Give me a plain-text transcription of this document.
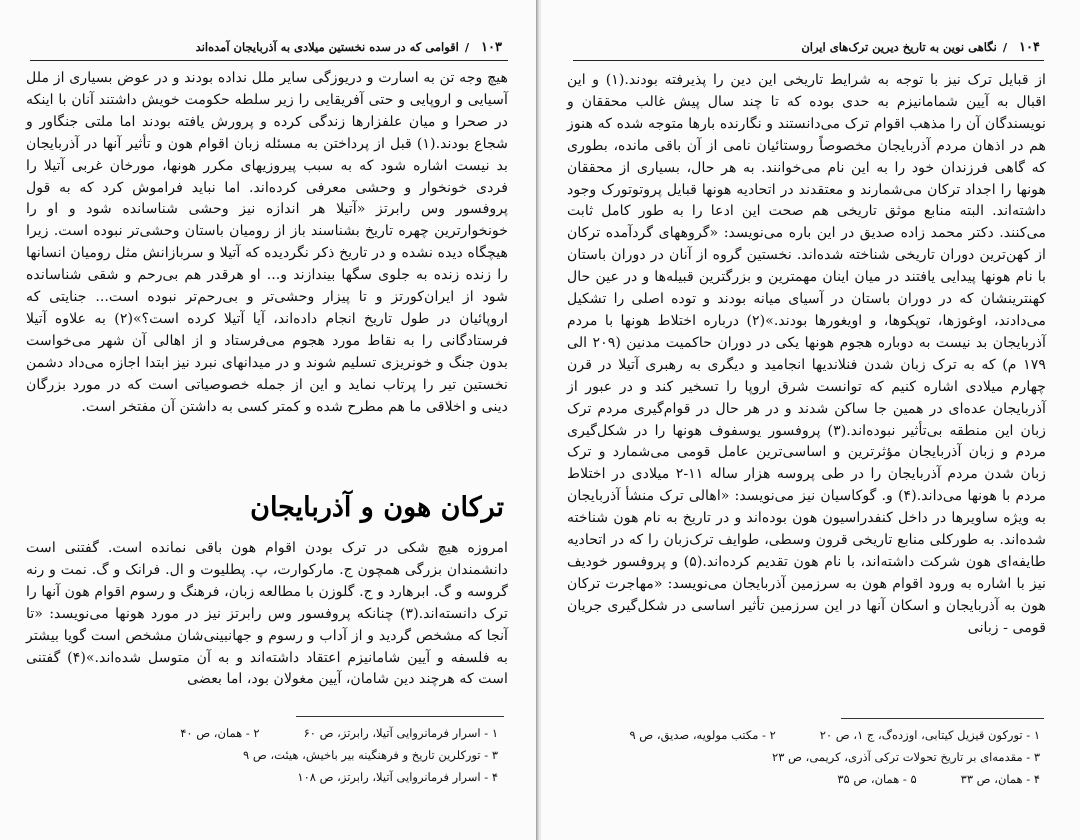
۱۰۳
/
اقوامی که در سده نخستین میلادی به آذربایجان آمده‌اند

هیچ وجه تن به اسارت و دریوزگی سایر ملل نداده بودند و در عوض بسیاری از ملل آسیایی و اروپایی و حتی آفریقایی را زیر سلطه حکومت خویش داشتند آنان با اینکه در صحرا و میان علفزارها زندگی کرده و پرورش یافته بودند اما ملتی جنگاور و شجاع بودند.(۱) قبل از پرداختن به مسئله زبان اقوام هون و تأثیر آنها در آذربایجان بد نیست اشاره شود که به سبب پیروزیهای مکرر هونها، مورخان غربی آتیلا را فردی خونخوار و وحشی معرفی کرده‌اند. اما نباید فراموش کرد که به قول پروفسور وس رابرتز «آتیلا هر اندازه نیز وحشی شناسانده شود و او را خونخوارترین چهره تاریخ بشناسند باز از رومیان باستان وحشی‌تر نبوده است. زیرا هیچگاه دیده نشده و در تاریخ ذکر نگردیده که آتیلا و سربازانش مثل رومیان انسانها را زنده زنده به جلوی سگها بیندازند و... او هرقدر هم بی‌رحم و شقی شناسانده شود از ایران‌کورتز و تا پیزار وحشی‌تر و بی‌رحم‌تر نبوده است... جنایتی که اروپائیان در طول تاریخ انجام داده‌اند، آیا آتیلا کرده است؟»(۲) به علاوه آتیلا فرستادگانی را به نقاط مورد هجوم می‌فرستاد و از اهالی آن شهر می‌خواست بدون جنگ و خونریزی تسلیم شوند و در میدانهای نبرد نیز ابتدا اجازه می‌داد دشمن نخستین تیر را پرتاب نماید و این از جمله خصوصیاتی است که در مورد بزرگان دینی و اخلاقی ما هم مطرح شده و کمتر کسی به داشتن آن مفتخر است.

ترکان هون و آذربایجان

امروزه هیچ شکی در ترک بودن اقوام هون باقی نمانده است. گفتنی است دانشمندان بزرگی همچون ج. مارکوارت، پ. پطلیوت و ال. فرانک و گ. نمت و رنه گروسه و گ. ابرهارد و ج. گلوزن با مطالعه زبان، فرهنگ و رسوم اقوام هون آنها را ترک دانسته‌اند.(۳) چنانکه پروفسور وس رابرتز نیز در مورد هونها می‌نویسد: «تا آنجا که مشخص گردید و از آداب و رسوم و جهانبینی‌شان مشخص است گویا بیشتر به فلسفه و آیین شامانیزم اعتقاد داشته‌اند و به آن متوسل شده‌اند.»(۴) گفتنی است که هرچند دین شامان، آیین مغولان بود، اما بعضی

۱ - اسرار فرمانروایی آتیلا، رابرتز، ص ۶۰
۲ - همان، ص ۴۰
۳ - تورکلرین تاریخ و فرهنگینه بیر باخیش، هیئت، ص ۹
۴ - اسرار فرمانروایی آتیلا، رابرتز، ص ۱۰۸
۱۰۴
/
نگاهی نوین به تاریخ دیرین ترک‌های ایران

از قبایل ترک نیز با توجه به شرایط تاریخی این دین را پذیرفته بودند.(۱) و این اقبال به آیین شمامانیزم به حدی بوده که تا چند سال پیش غالب محققان و نویسندگان آن را مذهب اقوام ترک می‌دانستند و نگارنده بارها متوجه شده که هنوز هم در اذهان مردم آذربایجان مخصوصاً روستائیان نامی از آن باقی مانده، بطوری که گاهی فرزندان خود را به این نام می‌خوانند. به هر حال، بسیاری از محققان هونها را اجداد ترکان می‌شمارند و معتقدند در اتحادیه هونها قبایل پروتوتورک وجود داشته‌اند. البته منابع موثق تاریخی هم صحت این ادعا را به طور کامل ثابت می‌کنند. دکتر محمد زاده صدیق در این باره می‌نویسد: «گروههای گردآمده ترکان از کهن‌ترین دوران تاریخی شناخته شده‌اند. نخستین گروه از آنان در دوران باستان با نام هونها پیدایی یافتند در میان اینان مهمترین و بزرگترین قبیله‌ها و در عین حال کهنترینشان که در دوران باستان در آسیای میانه بودند و توده اصلی را تشکیل می‌دادند، اوغوزها، توپکوها، و اویغورها بودند.»(۲) درباره اختلاط هونها با مردم آذربایجان بد نیست به دوباره هجوم هونها یکی در دوران حاکمیت مدنین (۲۰۹ الی ۱۷۹ م) که به ترک زبان شدن فنلاندیها انجامید و دیگری به رهبری آتیلا در قرن چهارم میلادی اشاره کنیم که توانست شرق اروپا را تسخیر کند و در عبور از آذربایجان عده‌ای در همین جا ساکن شدند و در هر حال در قوام‌گیری مردم ترک زبان این منطقه بی‌تأثیر نبوده‌اند.(۳) پروفسور یوسفوف هونها را در شکل‌گیری مردم و زبان آذربایجان مؤثرترین و اساسی‌ترین عامل قومی می‌شمارد و ترک زبان شدن مردم آذربایجان را در طی پروسه هزار ساله ۱۱-۲ میلادی در اختلاط مردم با هونها می‌داند.(۴) و. گوکاسیان نیز می‌نویسد: «اهالی ترک منشأ آذربایجان به ویژه ساویرها در داخل کنفدراسیون هون بوده‌اند و در تاریخ به نام هون شناخته شده‌اند. به طورکلی منابع تاریخی قرون وسطی، طوایف ترک‌زبان را که در اتحادیه طایفه‌ای هون شرکت داشته‌اند، با نام هون تقدیم کرده‌اند.(۵) و پروفسور خودیف نیز با اشاره به ورود اقوام هون به سرزمین آذربایجان می‌نویسد: «مهاجرت ترکان هون به آذربایجان و اسکان آنها در این سرزمین تأثیر اساسی در شکل‌گیری جریان قومی - زبانی

۱ - تورکون قیزیل کیتابی، اوزده‌گ، ج ۱، ص ۲۰
۲ - مکتب مولویه، صدیق، ص ۹
۳ - مقدمه‌ای بر تاریخ تحولات ترکی آذری، کریمی، ص ۲۳
۴ - همان، ص ۳۳
۵ - همان، ص ۳۵
